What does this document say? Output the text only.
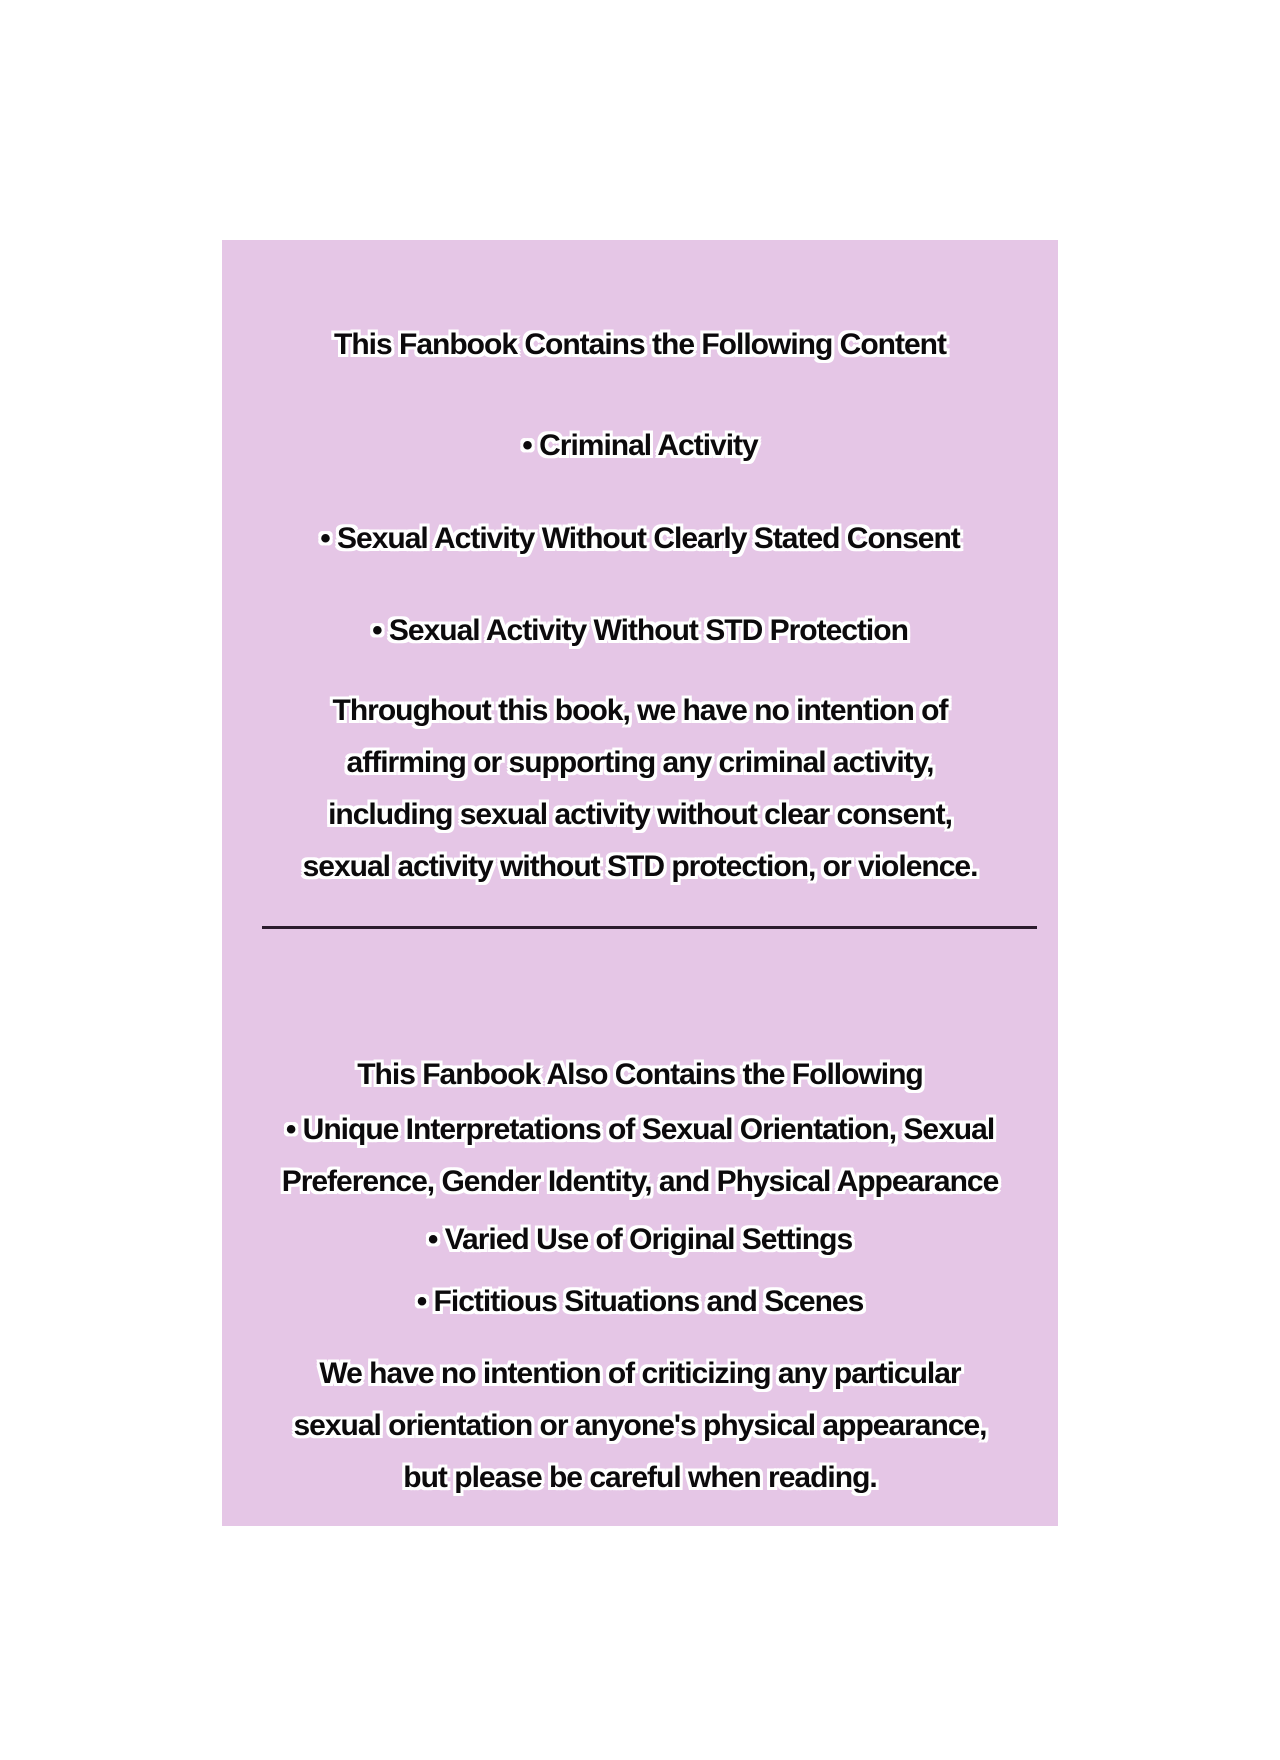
This Fanbook Contains the Following Content
• Criminal Activity
• Sexual Activity Without Clearly Stated Consent
• Sexual Activity Without STD Protection
Throughout this book, we have no intention of
affirming or supporting any criminal activity,
including sexual activity without clear consent,
sexual activity without STD protection, or violence.
This Fanbook Also Contains the Following
• Unique Interpretations of Sexual Orientation, Sexual
Preference, Gender Identity, and Physical Appearance
• Varied Use of Original Settings
• Fictitious Situations and Scenes
We have no intention of criticizing any particular
sexual orientation or anyone's physical appearance,
but please be careful when reading.
